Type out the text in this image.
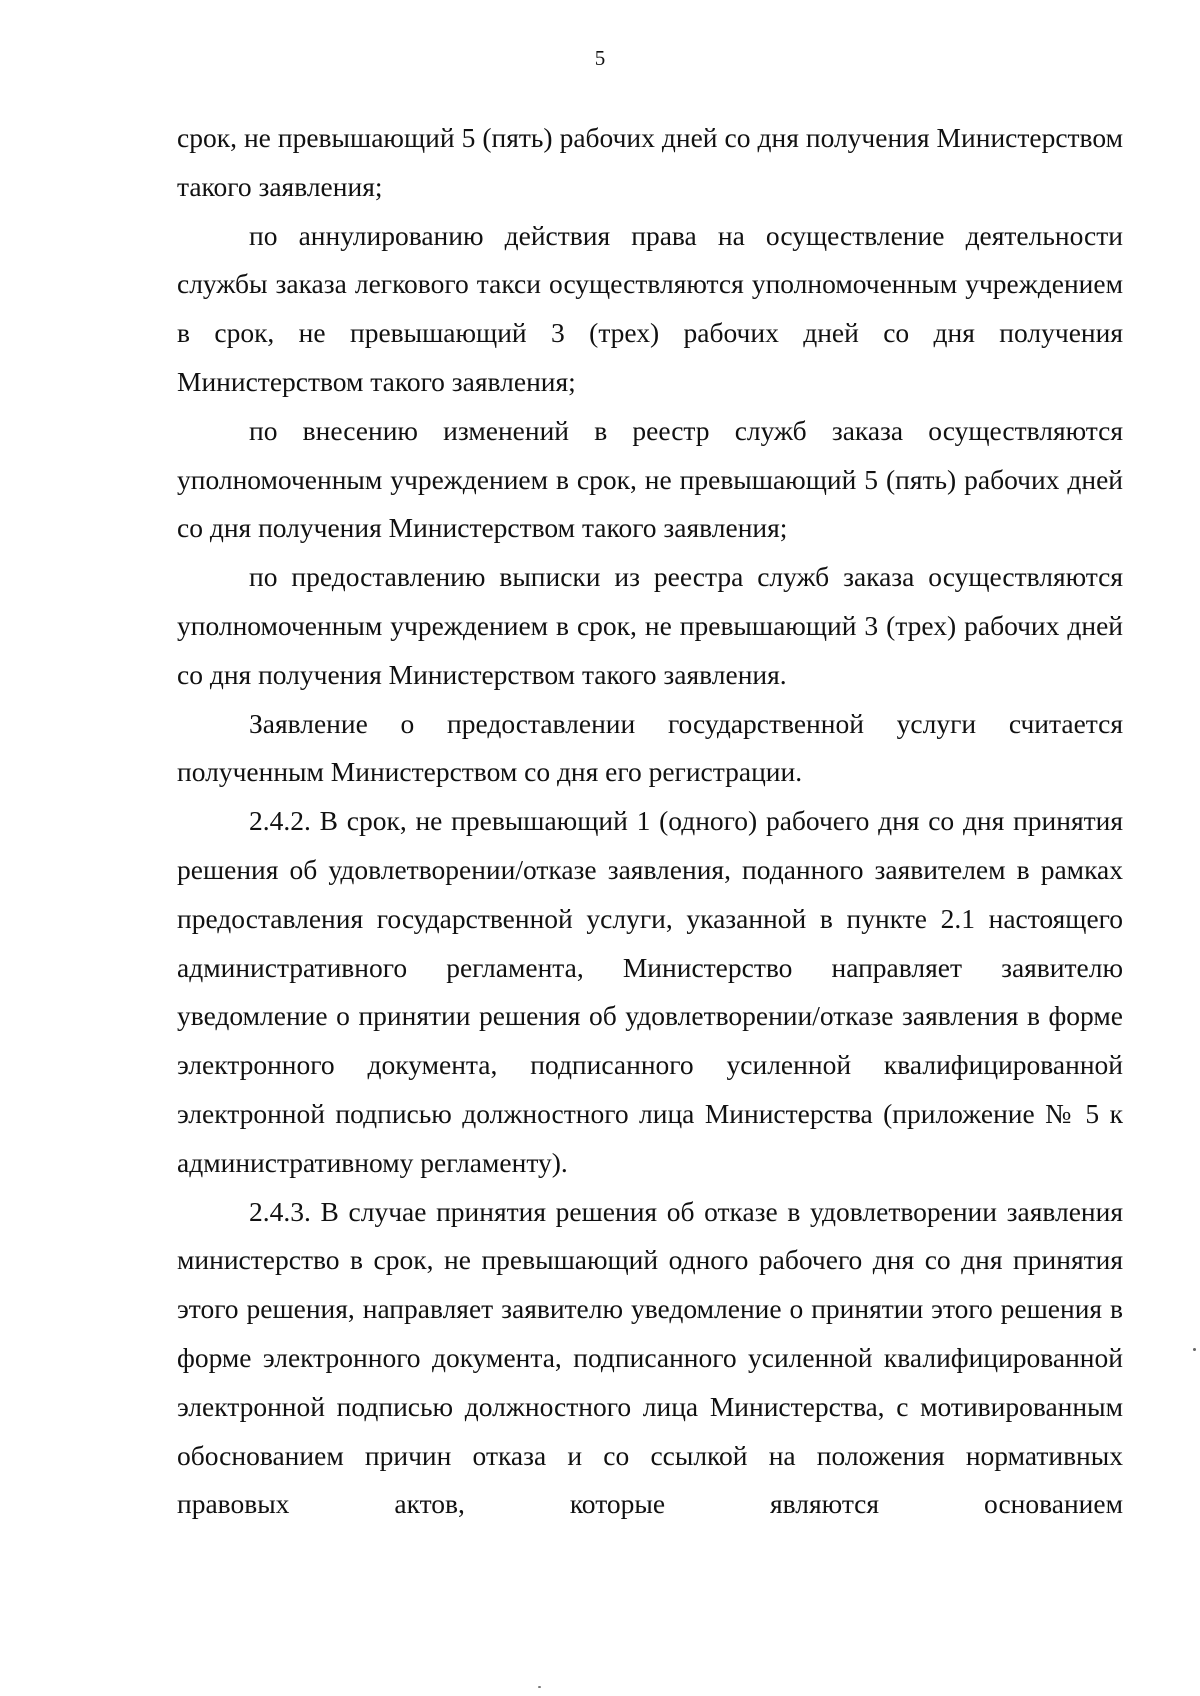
5

срок, не превышающий 5 (пять) рабочих дней со дня получения Министерством такого заявления;

по аннулированию действия права на осуществление деятельности службы заказа легкового такси осуществляются уполномоченным учреждением в срок, не превышающий 3 (трех) рабочих дней со дня получения Министерством такого заявления;

по внесению изменений в реестр служб заказа осуществляются уполномоченным учреждением в срок, не превышающий 5 (пять) рабочих дней со дня получения Министерством такого заявления;

по предоставлению выписки из реестра служб заказа осуществляются уполномоченным учреждением в срок, не превышающий 3 (трех) рабочих дней со дня получения Министерством такого заявления.

Заявление о предоставлении государственной услуги считается полученным Министерством со дня его регистрации.

2.4.2. В срок, не превышающий 1 (одного) рабочего дня со дня принятия решения об удовлетворении/отказе заявления, поданного заявителем в рамках предоставления государственной услуги, указанной в пункте 2.1 настоящего административного регламента, Министерство направляет заявителю уведомление о принятии решения об удовлетворении/отказе заявления в форме электронного документа, подписанного усиленной квалифицированной электронной подписью должностного лица Министерства (приложение № 5 к административному регламенту).

2.4.3. В случае принятия решения об отказе в удовлетворении заявления министерство в срок, не превышающий одного рабочего дня со дня принятия этого решения, направляет заявителю уведомление о принятии этого решения в форме электронного документа, подписанного усиленной квалифицированной электронной подписью должностного лица Министерства, с мотивированным обоснованием причин отказа и со ссылкой на положения нормативных правовых актов, которые являются основанием
